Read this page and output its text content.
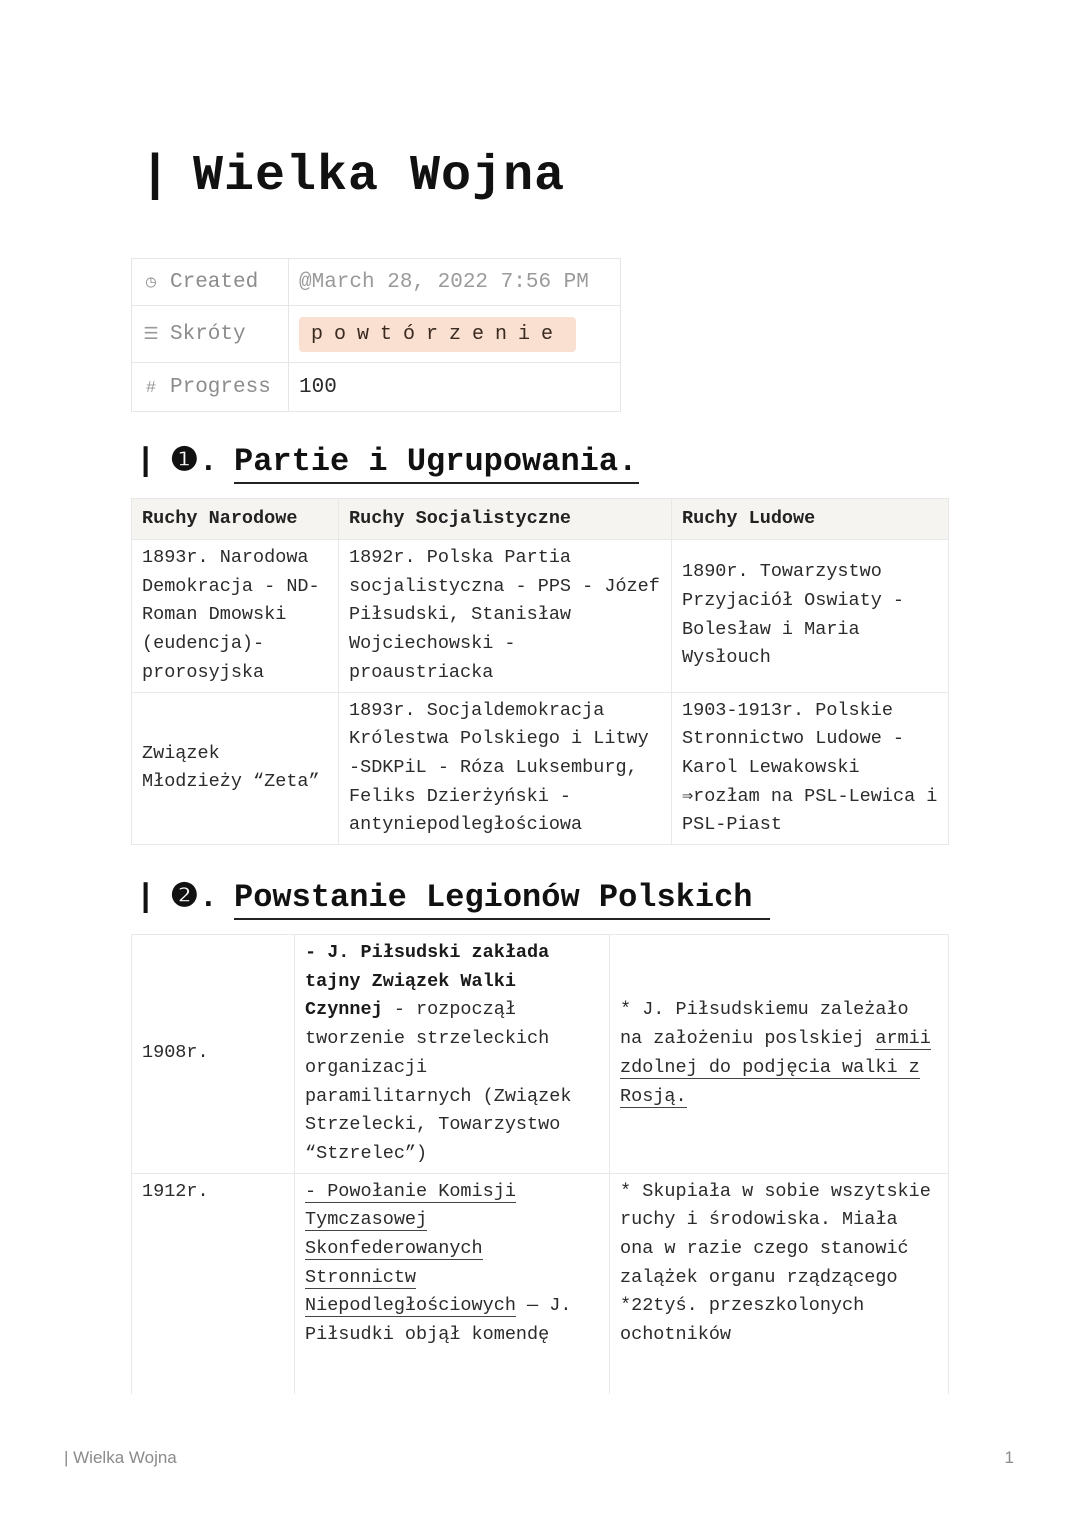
| Wielka Wojna
◷ Created	@March 28, 2022 7:56 PM
☰ Skróty	powtórzenie
# Progress	100
| ❶. Partie i Ugrupowania.
Ruchy Narodowe	Ruchy Socjalistyczne	Ruchy Ludowe
1893r. Narodowa Demokracja - ND- Roman Dmowski (eudencja)-prorosyjska	1892r. Polska Partia socjalistyczna - PPS - Józef Piłsudski, Stanisław Wojciechowski - proaustriacka	1890r. Towarzystwo Przyjaciół Oswiaty - Bolesław i Maria Wysłouch
Związek Młodzieży “Zeta”	1893r. Socjaldemokracja Królestwa Polskiego i Litwy -SDKPiL - Róza Luksemburg, Feliks Dzierżyński - antyniepodległościowa	1903-1913r. Polskie Stronnictwo Ludowe - Karol Lewakowski ⇒rozłam na PSL-Lewica i PSL-Piast
| ❷. Powstanie Legionów Polskich
1908r.	- J. Piłsudski zakłada tajny Związek Walki Czynnej - rozpoczął tworzenie strzeleckich organizacji paramilitarnych (Związek Strzelecki, Towarzystwo “Stzrelec”)	* J. Piłsudskiemu zależało na założeniu poslskiej armii zdolnej do podjęcia walki z Rosją.
1912r.	- Powołanie Komisji Tymczasowej Skonfederowanych Stronnictw Niepodległościowych — J. Piłsudki objął komendę	* Skupiała w sobie wszytskie ruchy i środowiska. Miała ona w razie czego stanowić zalążek organu rządzącego *22tyś. przeszkolonych ochotników
| Wielka Wojna	1
